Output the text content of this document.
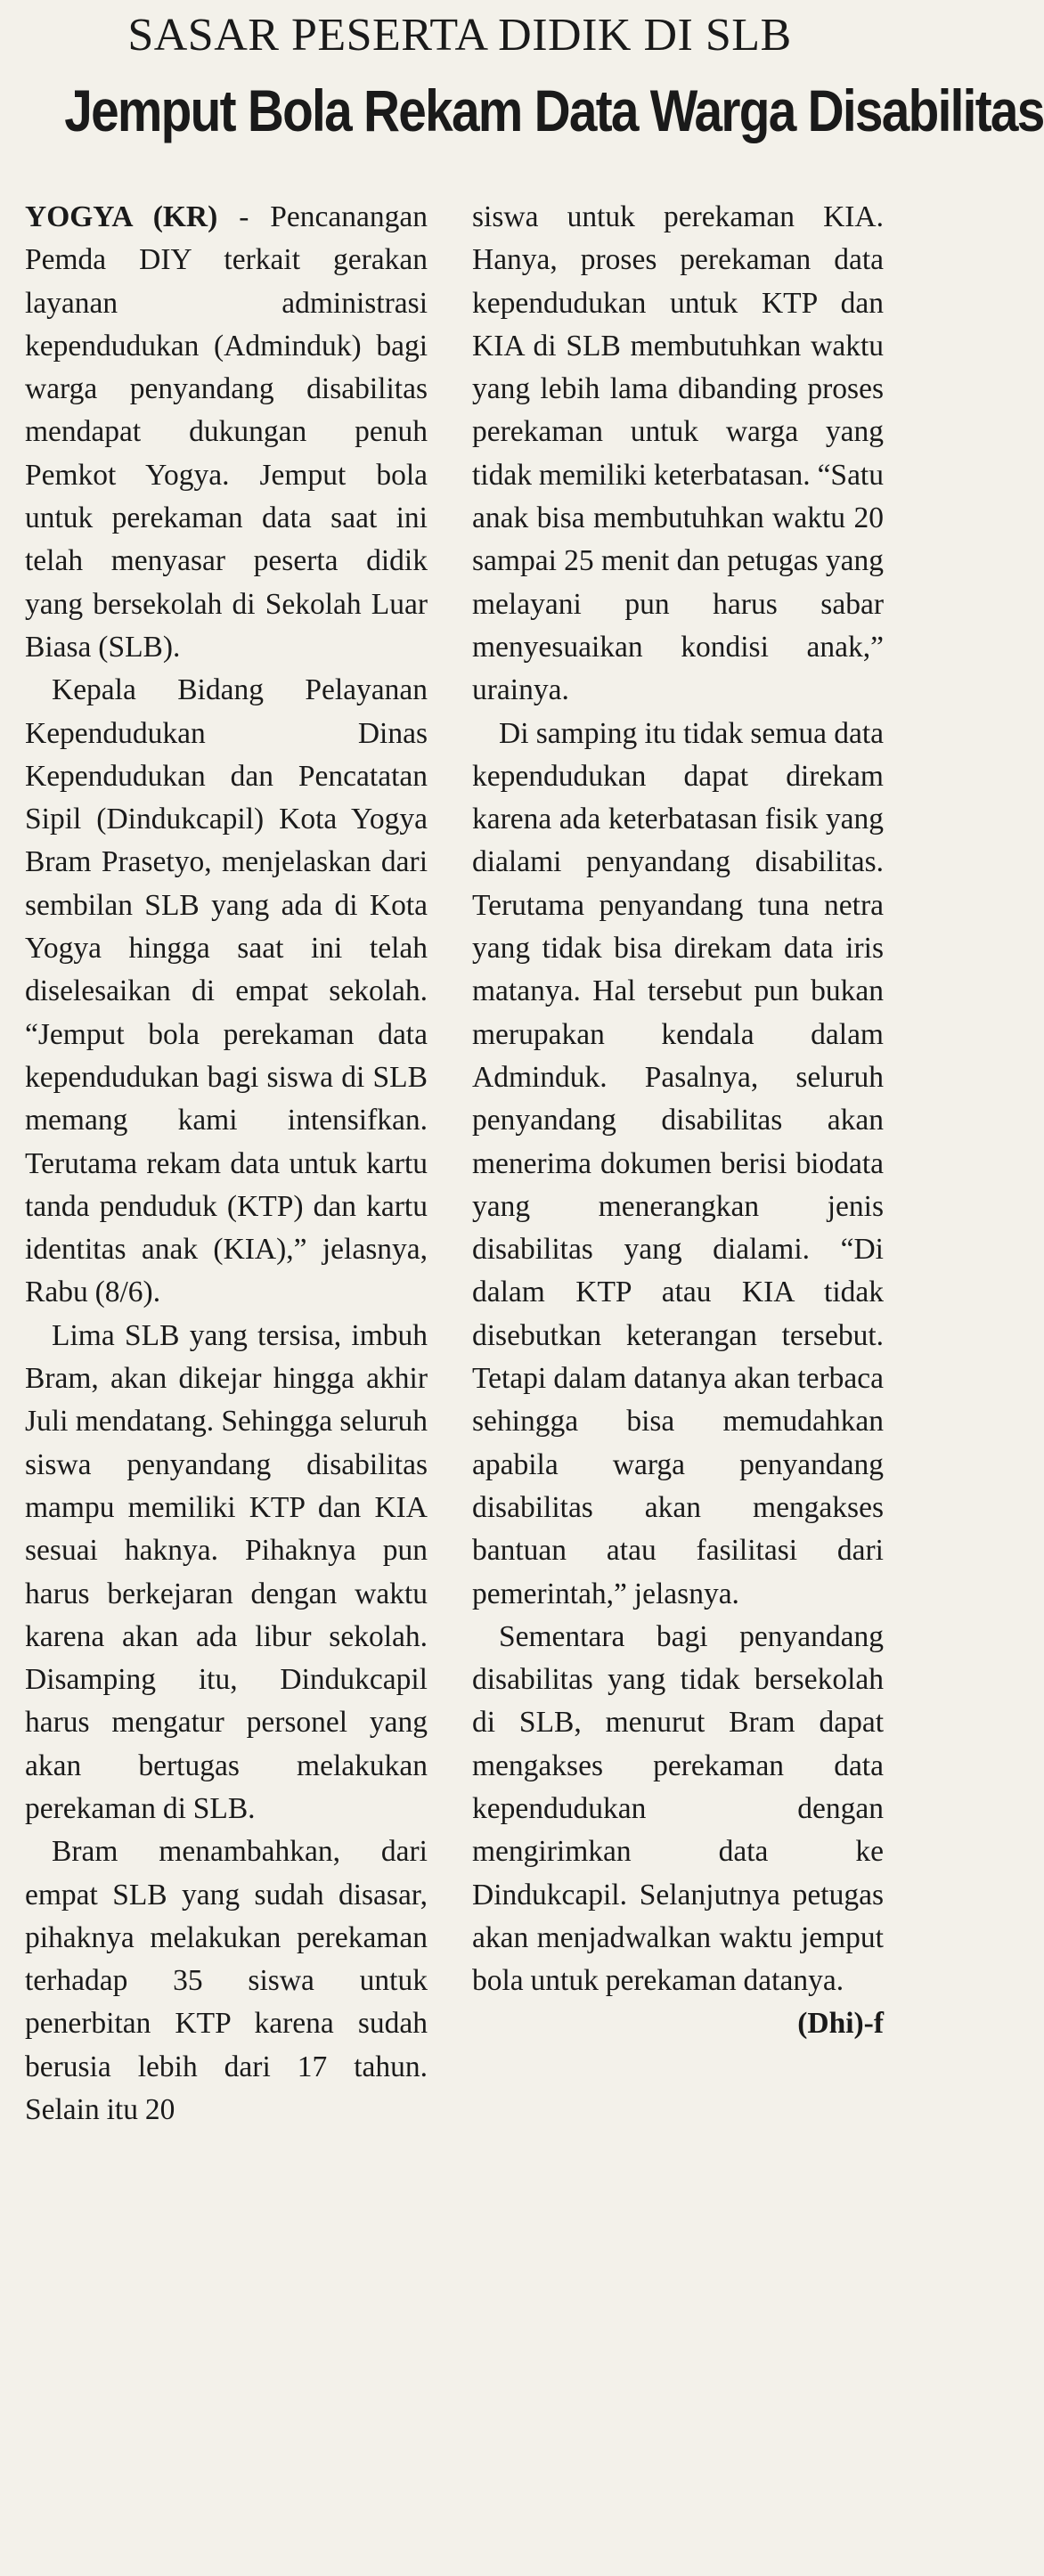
SASAR PESERTA DIDIK DI SLB
Jemput Bola Rekam Data Warga Disabilitas

YOGYA (KR) - Pencanangan Pemda DIY terkait gerakan layanan administrasi kependudukan (Adminduk) bagi warga penyandang disabilitas mendapat dukungan penuh Pemkot Yogya. Jemput bola untuk perekaman data saat ini telah menyasar peserta didik yang bersekolah di Sekolah Luar Biasa (SLB).

Kepala Bidang Pelayanan Kependudukan Dinas Kependudukan dan Pencatatan Sipil (Dindukcapil) Kota Yogya Bram Prasetyo, menjelaskan dari sembilan SLB yang ada di Kota Yogya hingga saat ini telah diselesaikan di empat sekolah. “Jemput bola perekaman data kependudukan bagi siswa di SLB memang kami intensifkan. Terutama rekam data untuk kartu tanda penduduk (KTP) dan kartu identitas anak (KIA),” jelasnya, Rabu (8/6).

Lima SLB yang tersisa, imbuh Bram, akan dikejar hingga akhir Juli mendatang. Sehingga seluruh siswa penyandang disabilitas mampu memiliki KTP dan KIA sesuai haknya. Pihaknya pun harus berkejaran dengan waktu karena akan ada libur sekolah. Disamping itu, Dindukcapil harus mengatur personel yang akan bertugas melakukan perekaman di SLB.

Bram menambahkan, dari empat SLB yang sudah disasar, pihaknya melakukan perekaman terhadap 35 siswa untuk penerbitan KTP karena sudah berusia lebih dari 17 tahun. Selain itu 20

siswa untuk perekaman KIA. Hanya, proses perekaman data kependudukan untuk KTP dan KIA di SLB membutuhkan waktu yang lebih lama dibanding proses perekaman untuk warga yang tidak memiliki keterbatasan. “Satu anak bisa membutuhkan waktu 20 sampai 25 menit dan petugas yang melayani pun harus sabar menyesuaikan kondisi anak,” urainya.

Di samping itu tidak semua data kependudukan dapat direkam karena ada keterbatasan fisik yang dialami penyandang disabilitas. Terutama penyandang tuna netra yang tidak bisa direkam data iris matanya. Hal tersebut pun bukan merupakan kendala dalam Adminduk. Pasalnya, seluruh penyandang disabilitas akan menerima dokumen berisi biodata yang menerangkan jenis disabilitas yang dialami. “Di dalam KTP atau KIA tidak disebutkan keterangan tersebut. Tetapi dalam datanya akan terbaca sehingga bisa memudahkan apabila warga penyandang disabilitas akan mengakses bantuan atau fasilitasi dari pemerintah,” jelasnya.

Sementara bagi penyandang disabilitas yang tidak bersekolah di SLB, menurut Bram dapat mengakses perekaman data kependudukan dengan mengirimkan data ke Dindukcapil. Selanjutnya petugas akan menjadwalkan waktu jemput bola untuk perekaman datanya.
(Dhi)-f
